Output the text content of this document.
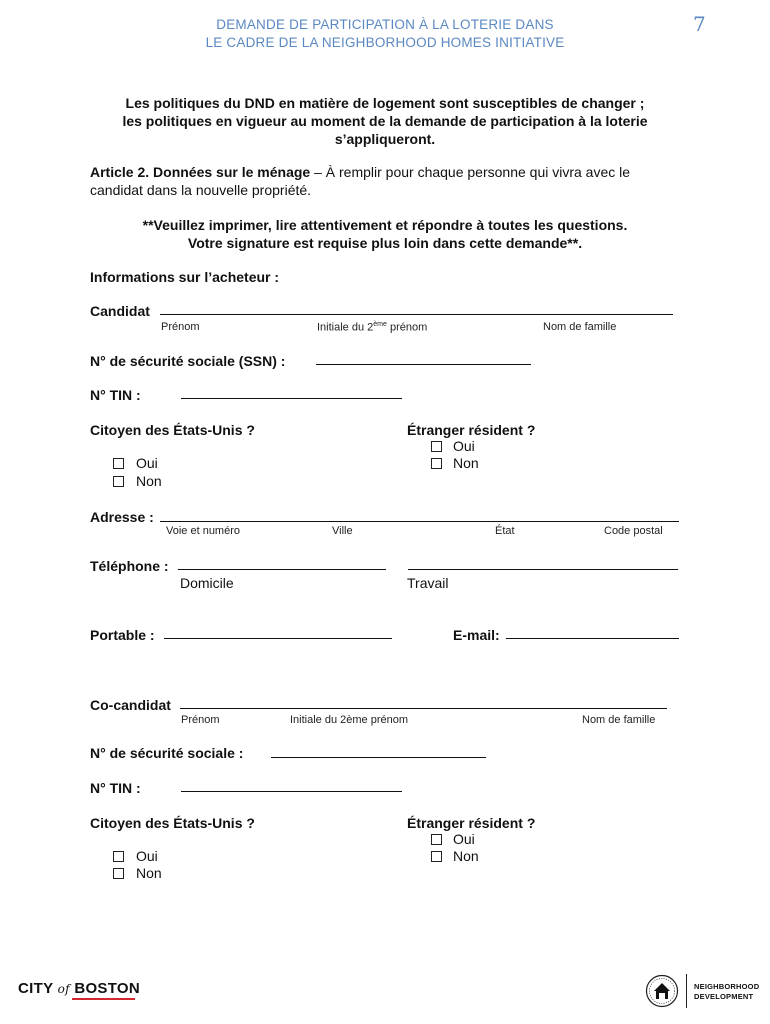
DEMANDE DE PARTICIPATION À LA LOTERIE DANS
LE CADRE DE LA NEIGHBORHOOD HOMES INITIATIVE
7
Les politiques du DND en matière de logement sont susceptibles de changer ;
les politiques en vigueur au moment de la demande de participation à la loterie
s’appliqueront.
Article 2. Données sur le ménage – À remplir pour chaque personne qui vivra avec le
candidat dans la nouvelle propriété.
**Veuillez imprimer, lire attentivement et répondre à toutes les questions.
Votre signature est requise plus loin dans cette demande**.
Informations sur l’acheteur :
Candidat
Prénom	Initiale du 2ème prénom	Nom de famille
N° de sécurité sociale (SSN) :
N° TIN :
Citoyen des États-Unis ?
Oui
Non
Étranger résident ?
Oui
Non
Adresse :
Voie et numéro	Ville	État	Code postal
Téléphone :
Domicile	Travail
Portable :	E-mail:
Co-candidat
Prénom	Initiale du 2ème prénom	Nom de famille
N° de sécurité sociale :
N° TIN :
Citoyen des États-Unis ?
Oui
Non
Étranger résident ?
Oui
Non
CITY of BOSTON	NEIGHBORHOOD
DEVELOPMENT
